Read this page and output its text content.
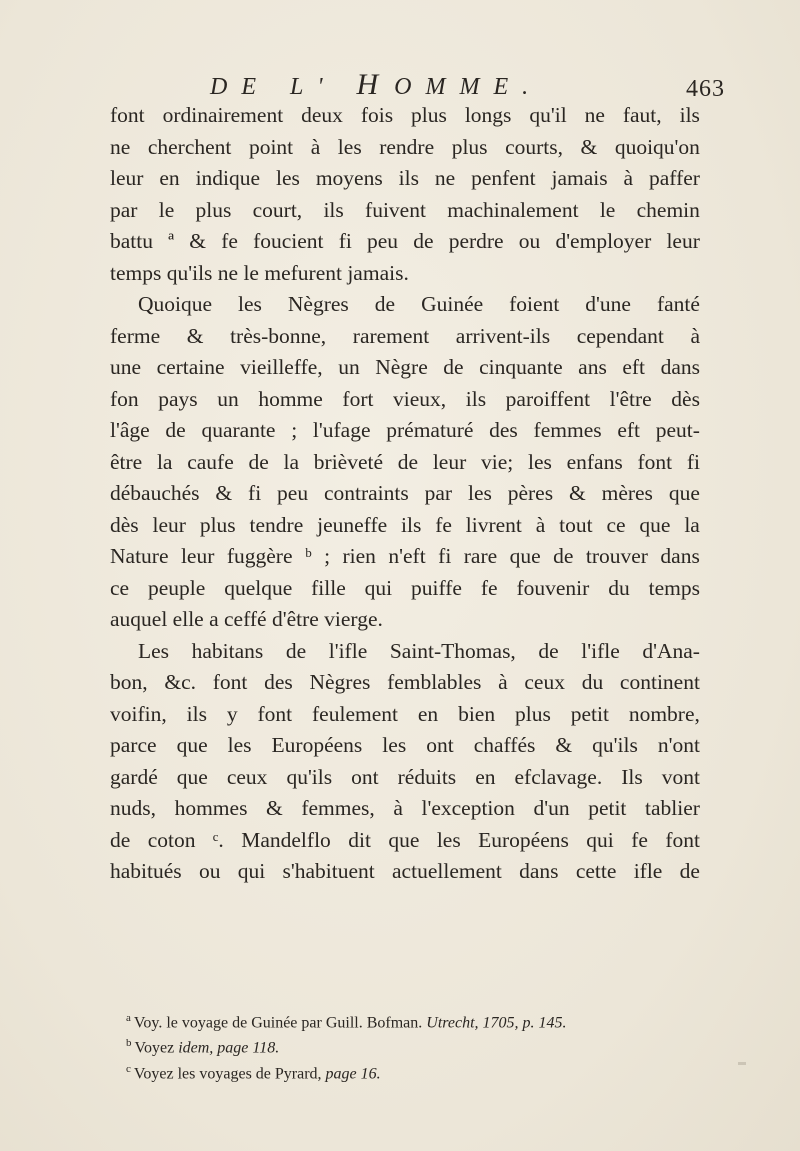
DE L' HOMME.	463
font ordinairement deux fois plus longs qu'il ne faut, ils
ne cherchent point à les rendre plus courts, & quoiqu'on
leur en indique les moyens ils ne penfent jamais à paffer
par le plus court, ils fuivent machinalement le chemin
battu ª & fe foucient fi peu de perdre ou d'employer leur
temps qu'ils ne le mefurent jamais.
Quoique les Nègres de Guinée foient d'une fanté
ferme & très-bonne, rarement arrivent-ils cependant à
une certaine vieilleffe, un Nègre de cinquante ans eft dans
fon pays un homme fort vieux, ils paroiffent l'être dès
l'âge de quarante ; l'ufage prématuré des femmes eft peut-
être la caufe de la brièveté de leur vie; les enfans font fi
débauchés & fi peu contraints par les pères & mères que
dès leur plus tendre jeuneffe ils fe livrent à tout ce que la
Nature leur fuggère ᵇ ; rien n'eft fi rare que de trouver dans
ce peuple quelque fille qui puiffe fe fouvenir du temps
auquel elle a ceffé d'être vierge.
Les habitans de l'ifle Saint-Thomas, de l'ifle d'Ana-
bon, &c. font des Nègres femblables à ceux du continent
voifin, ils y font feulement en bien plus petit nombre,
parce que les Européens les ont chaffés & qu'ils n'ont
gardé que ceux qu'ils ont réduits en efclavage. Ils vont
nuds, hommes & femmes, à l'exception d'un petit tablier
de coton ᶜ. Mandelflo dit que les Européens qui fe font
habitués ou qui s'habituent actuellement dans cette ifle de
$^a$ Voy. le voyage de Guinée par Guill. Bofman. Utrecht, 1705, p. 145.
$^b$ Voyez idem, page 118.
$^c$ Voyez les voyages de Pyrard, page 16.
